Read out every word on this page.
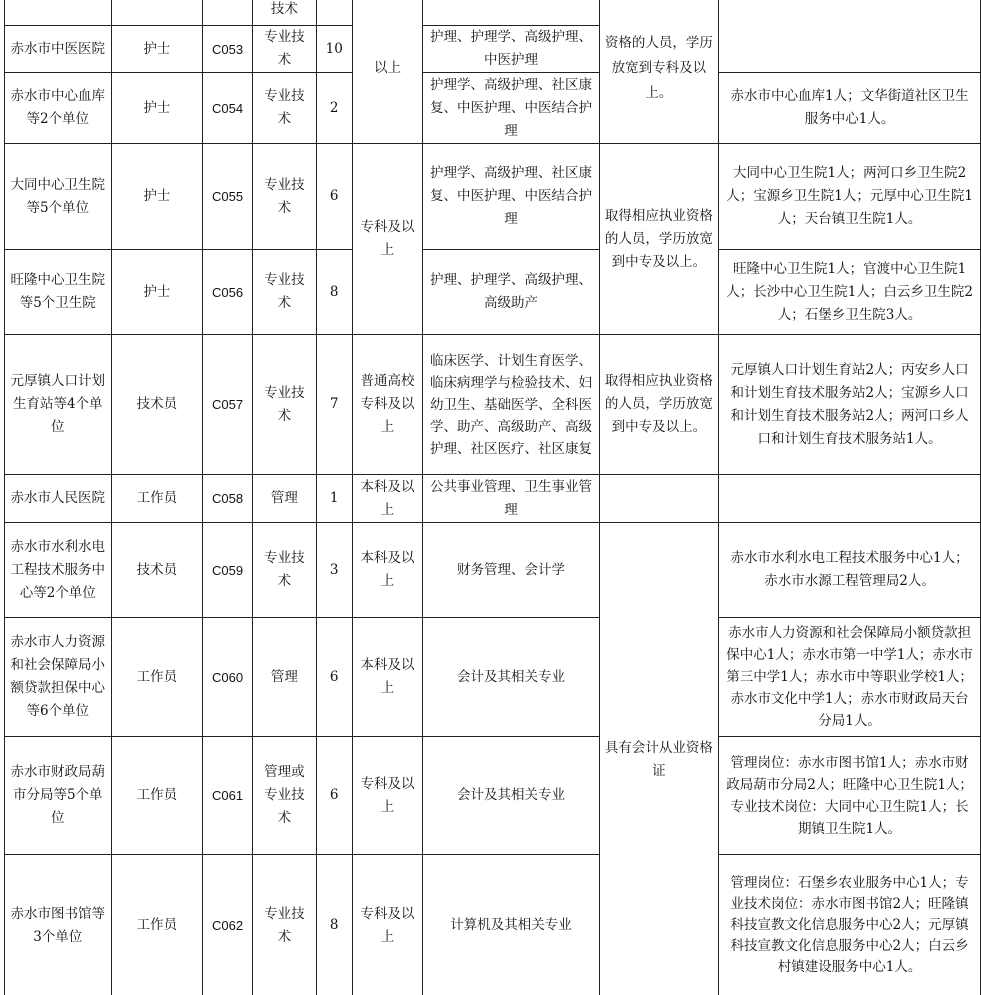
			技术		以上		资格的人员，学历放宽到专科及以上。	
赤水市中医医院	护士	C053	专业技术	10		护理、护理学、高级护理、中医护理		
赤水市中心血库等2个单位	护士	C054	专业技术	2		护理学、高级护理、社区康复、中医护理、中医结合护理		赤水市中心血库1人；文华街道社区卫生服务中心1人。
大同中心卫生院等5个单位	护士	C055	专业技术	6	专科及以上	护理学、高级护理、社区康复、中医护理、中医结合护理	取得相应执业资格的人员，学历放宽到中专及以上。	大同中心卫生院1人；两河口乡卫生院2人；宝源乡卫生院1人；元厚中心卫生院1人；天台镇卫生院1人。
旺隆中心卫生院等5个卫生院	护士	C056	专业技术	8		护理、护理学、高级护理、高级助产		旺隆中心卫生院1人；官渡中心卫生院1人；长沙中心卫生院1人；白云乡卫生院2人；石堡乡卫生院3人。
元厚镇人口计划生育站等4个单位	技术员	C057	专业技术	7	普通高校专科及以上	临床医学、计划生育医学、临床病理学与检验技术、妇幼卫生、基础医学、全科医学、助产、高级助产、高级护理、社区医疗、社区康复	取得相应执业资格的人员，学历放宽到中专及以上。	元厚镇人口计划生育站2人；丙安乡人口和计划生育技术服务站2人；宝源乡人口和计划生育技术服务站2人；两河口乡人口和计划生育技术服务站1人。
赤水市人民医院	工作员	C058	管理	1	本科及以上	公共事业管理、卫生事业管理		
赤水市水利水电工程技术服务中心等2个单位	技术员	C059	专业技术	3	本科及以上	财务管理、会计学	具有会计从业资格证	赤水市水利水电工程技术服务中心1人；赤水市水源工程管理局2人。
赤水市人力资源和社会保障局小额贷款担保中心等6个单位	工作员	C060	管理	6	本科及以上	会计及其相关专业		赤水市人力资源和社会保障局小额贷款担保中心1人；赤水市第一中学1人；赤水市第三中学1人；赤水市中等职业学校1人；赤水市文化中学1人；赤水市财政局天台分局1人。
赤水市财政局葫市分局等5个单位	工作员	C061	管理或专业技术	6	专科及以上	会计及其相关专业		管理岗位：赤水市图书馆1人；赤水市财政局葫市分局2人；旺隆中心卫生院1人；
专业技术岗位：大同中心卫生院1人；长期镇卫生院1人。
赤水市图书馆等3个单位	工作员	C062	专业技术	8	专科及以上	计算机及其相关专业		管理岗位：石堡乡农业服务中心1人；专业技术岗位：赤水市图书馆2人；旺隆镇科技宣教文化信息服务中心2人；元厚镇科技宣教文化信息服务中心2人；白云乡村镇建设服务中心1人。
